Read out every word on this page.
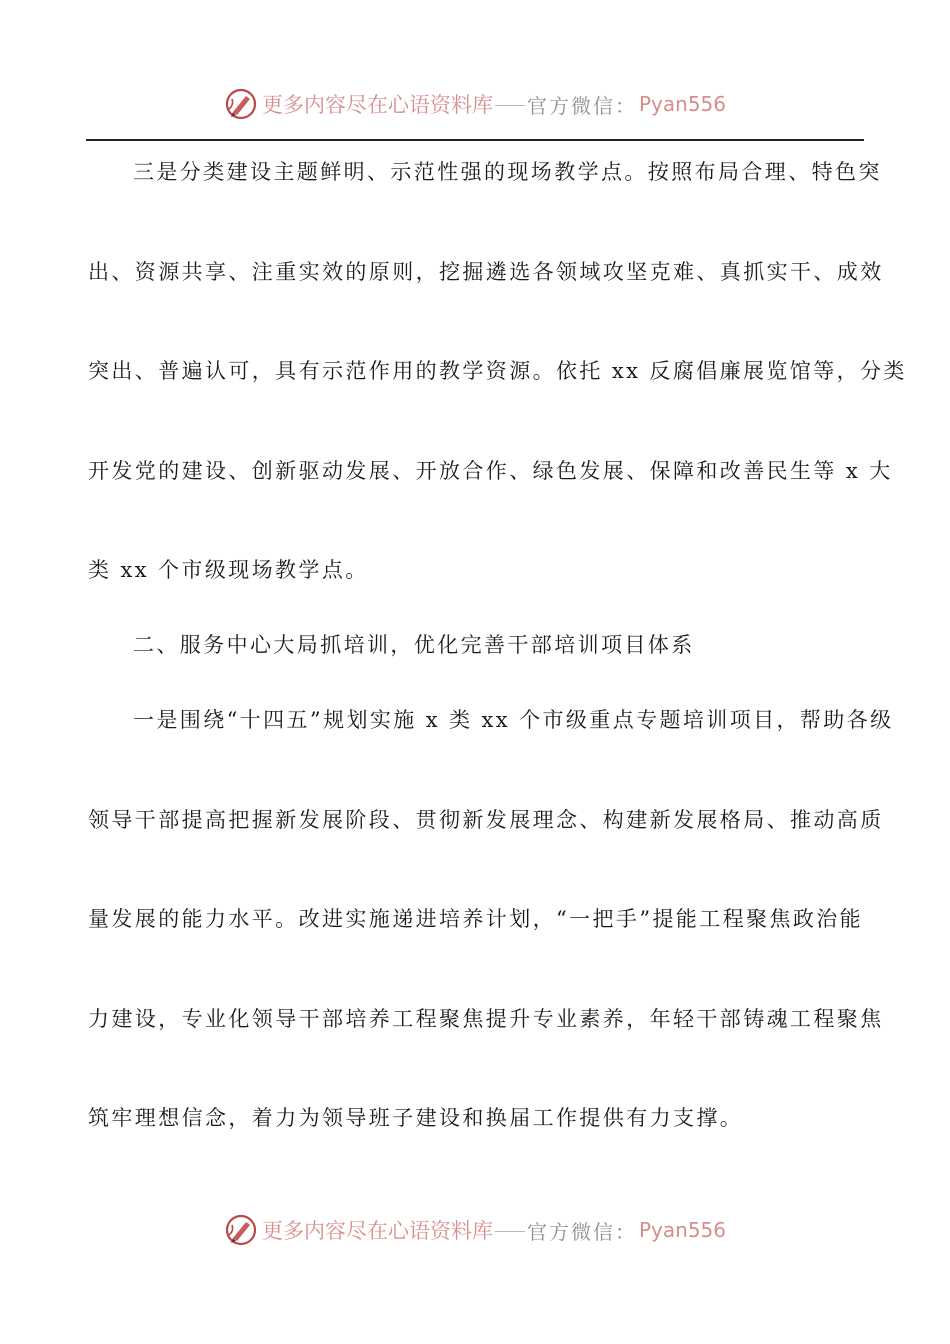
更多内容尽在心语资料库 官方微信： Pyan556
三是分类建设主题鲜明、示范性强的现场教学点。按照布局合理、特色突
出、资源共享、注重实效的原则，挖掘遴选各领域攻坚克难、真抓实干、成效
突出、普遍认可，具有示范作用的教学资源。依托 xx 反腐倡廉展览馆等，分类
开发党的建设、创新驱动发展、开放合作、绿色发展、保障和改善民生等 x 大
类 xx 个市级现场教学点。
二、服务中心大局抓培训，优化完善干部培训项目体系
一是围绕“十四五”规划实施 x 类 xx 个市级重点专题培训项目，帮助各级
领导干部提高把握新发展阶段、贯彻新发展理念、构建新发展格局、推动高质
量发展的能力水平。改进实施递进培养计划，“一把手”提能工程聚焦政治能
力建设，专业化领导干部培养工程聚焦提升专业素养，年轻干部铸魂工程聚焦
筑牢理想信念，着力为领导班子建设和换届工作提供有力支撑。
更多内容尽在心语资料库 官方微信： Pyan556
